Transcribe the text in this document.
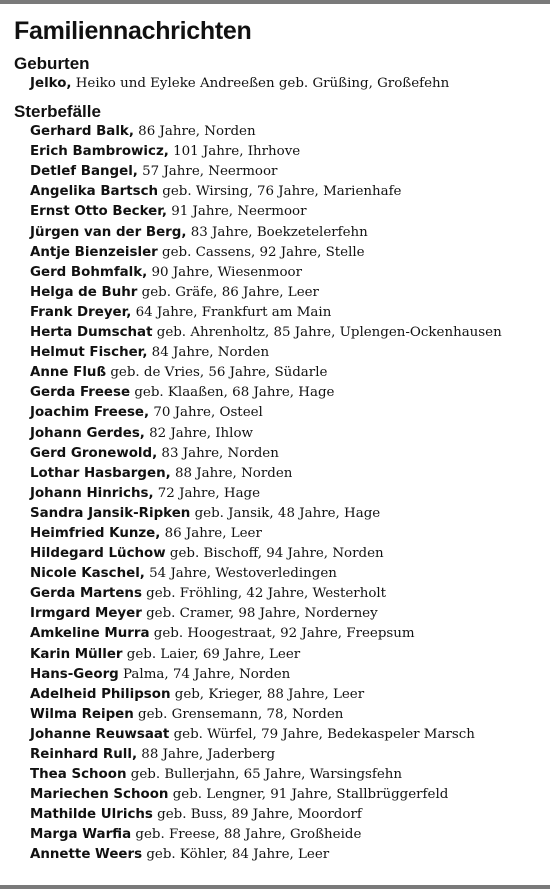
Familiennachrichten
Geburten
Jelko, Heiko und Eyleke Andreeßen geb. Grüßing, Großefehn
Sterbefälle
Gerhard Balk, 86 Jahre, Norden
Erich Bambrowicz, 101 Jahre, Ihrhove
Detlef Bangel, 57 Jahre, Neermoor
Angelika Bartsch geb. Wirsing, 76 Jahre, Marienhafe
Ernst Otto Becker, 91 Jahre, Neermoor
Jürgen van der Berg, 83 Jahre, Boekzetelerfehn
Antje Bienzeisler geb. Cassens, 92 Jahre, Stelle
Gerd Bohmfalk, 90 Jahre, Wiesenmoor
Helga de Buhr geb. Gräfe, 86 Jahre, Leer
Frank Dreyer, 64 Jahre, Frankfurt am Main
Herta Dumschat geb. Ahrenholtz, 85 Jahre, Uplengen-Ockenhausen
Helmut Fischer, 84 Jahre, Norden
Anne Fluß geb. de Vries, 56 Jahre, Südarle
Gerda Freese geb. Klaaßen, 68 Jahre, Hage
Joachim Freese, 70 Jahre, Osteel
Johann Gerdes, 82 Jahre, Ihlow
Gerd Gronewold, 83 Jahre, Norden
Lothar Hasbargen, 88 Jahre, Norden
Johann Hinrichs, 72 Jahre, Hage
Sandra Jansik-Ripken geb. Jansik, 48 Jahre, Hage
Heimfried Kunze, 86 Jahre, Leer
Hildegard Lüchow geb. Bischoff, 94 Jahre, Norden
Nicole Kaschel, 54 Jahre, Westoverledingen
Gerda Martens geb. Fröhling, 42 Jahre, Westerholt
Irmgard Meyer geb. Cramer, 98 Jahre, Norderney
Amkeline Murra geb. Hoogestraat, 92 Jahre, Freepsum
Karin Müller geb. Laier, 69 Jahre, Leer
Hans-Georg Palma, 74 Jahre, Norden
Adelheid Philipson geb, Krieger, 88 Jahre, Leer
Wilma Reipen geb. Grensemann, 78, Norden
Johanne Reuwsaat geb. Würfel, 79 Jahre, Bedekaspeler Marsch
Reinhard Rull, 88 Jahre, Jaderberg
Thea Schoon geb. Bullerjahn, 65 Jahre, Warsingsfehn
Mariechen Schoon geb. Lengner, 91 Jahre, Stallbrüggerfeld
Mathilde Ulrichs geb. Buss, 89 Jahre, Moordorf
Marga Warfia geb. Freese, 88 Jahre, Großheide
Annette Weers geb. Köhler, 84 Jahre, Leer
